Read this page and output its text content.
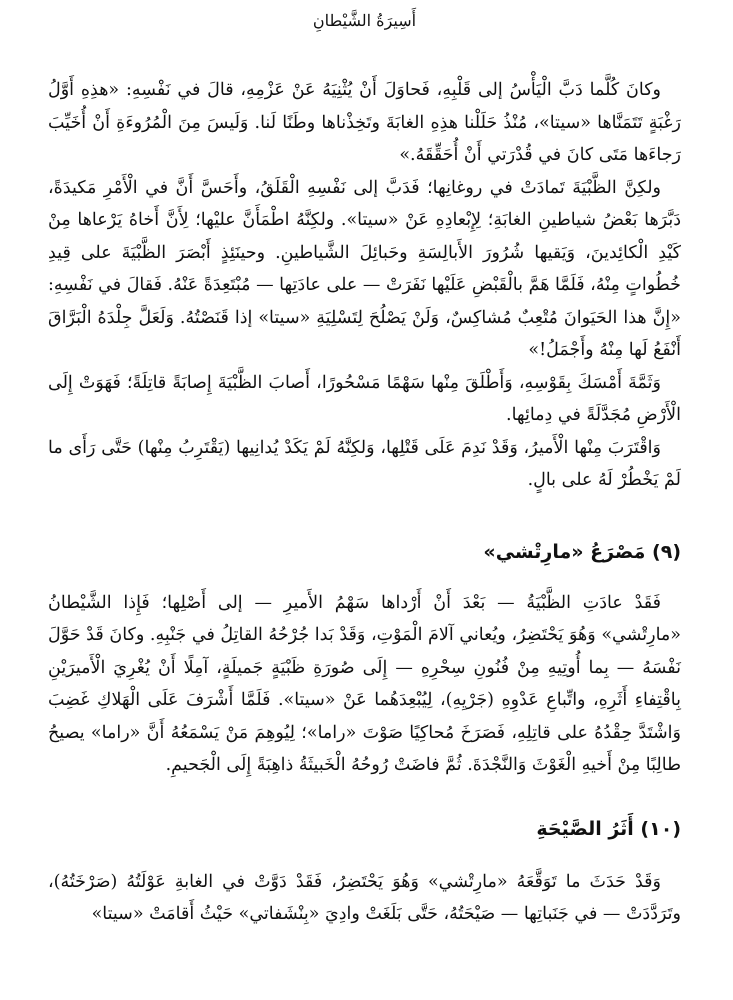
أَسِيرَةُ الشَّيْطانِ

وكانَ كُلَّما دَبَّ الْيَأْسُ إلى قَلْبِهِ، فَحاوَلَ أَنْ يُثْنِيَهُ عَنْ عَزْمِهِ، قالَ في نَفْسِهِ: «هذِهِ أَوَّلُ رَغْبَةٍ تَتَمَنَّاها «سيتا»، مُنْذُ حَلَلْنا هذِهِ الغابَةَ وتَخِذْناها وطَنًا لَنا. وَلَيسَ مِنَ الْمُرُوءَةِ أَنْ أُخَيِّبَ رَجاءَها مَتَى كانَ في قُدْرَتي أَنْ أُحَقِّقَهُ.»

ولكِنَّ الظَّبْيَةَ تَمادَتْ في روغانِها؛ فَدَبَّ إلى نَفْسِهِ الْقَلَقُ، وأَحَسَّ أَنَّ في الْأَمْرِ مَكيدَةً، دَبَّرَها بَعْضُ شياطينِ الغابَةِ؛ لِإِبْعادِهِ عَنْ «سيتا». ولكِنَّهُ اطْمَأَنَّ عليْها؛ لِأَنَّ أَخاهُ يَرْعاها مِنْ كَيْدِ الْكائِدينَ، وَيَقيها شُرُورَ الأَبالِسَةِ وحَبائِلَ الشَّياطينِ. وحينَئِذٍ أَبْصَرَ الظَّبْيَةَ على قِيدِ خُطُواتٍ مِنْهُ، فَلَمَّا هَمَّ بالْقَبْضِ عَلَيْها نَفَرَتْ — على عادَتِها — مُبْتَعِدَةً عَنْهُ. فَقالَ في نَفْسِهِ: «إِنَّ هذا الحَيَوانَ مُتْعِبٌ مُشاكِسٌ، وَلَنْ يَصْلُحَ لِتَسْلِيَةِ «سيتا» إذا قَنَصْتُهُ. وَلَعَلَّ جِلْدَهُ الْبَرَّاقَ أَنْفَعُ لَها مِنْهُ وأَجْمَلُ!»

وَثَمَّةَ أَمْسَكَ بِقَوْسِهِ، وَأَطْلَقَ مِنْها سَهْمًا مَسْحُورًا، أَصابَ الظَّبْيَةَ إِصابَةً قاتِلَةً؛ فَهَوَتْ إِلَى الْأَرْضِ مُجَدَّلَةً في دِمائِها.

وَاقْتَرَبَ مِنْها الْأَميرُ، وَقَدْ نَدِمَ عَلَى قَتْلِها، وَلكِنَّهُ لَمْ يَكَدْ يُدانِيها (يَقْتَرِبُ مِنْها) حَتَّى رَأَى ما لَمْ يَخْطُرْ لَهُ على بالٍ.

(٩) مَصْرَعُ «مارِتْشي»

فَقَدْ عادَتِ الظَّبْيَةُ — بَعْدَ أَنْ أَرْداها سَهْمُ الأَميرِ — إلى أَصْلِها؛ فَإِذا الشَّيْطانُ «مارِتْشي» وَهُوَ يَحْتَضِرُ، ويُعاني آلامَ الْمَوْتِ، وَقَدْ بَدا جُرْحُهُ القاتِلُ في جَنْبِهِ. وكانَ قَدْ حَوَّلَ نَفْسَهُ — بِما أُوتِيهِ مِنْ فُنُونِ سِحْرِهِ — إِلَى صُورَةِ ظَبْيَةٍ جَميلَةٍ، آمِلًا أَنْ يُغْرِيَ الْأَميرَيْنِ بِاقْتِفاءِ أَثَرِهِ، واتِّباعِ عَدْوِهِ (جَرْيِهِ)، لِيُبْعِدَهُما عَنْ «سيتا». فَلَمَّا أَشْرَفَ عَلَى الْهَلاكِ غَضِبَ وَاشْتَدَّ حِقْدُهُ على قاتِلِهِ، فَصَرَخَ مُحاكِيًا صَوْتَ «راما»؛ لِيُوهِمَ مَنْ يَسْمَعُهُ أَنَّ «راما» يصيحُ طالِبًا مِنْ أَخيهِ الْغَوْثَ وَالنَّجْدَةَ. ثُمَّ فاضَتْ رُوحُهُ الْخَبيثَةُ ذاهِبَةً إِلَى الْجَحيمِ.

(١٠) أَثَرُ الصَّيْحَةِ

وَقَدْ حَدَثَ ما تَوَقَّعَهُ «مارِتْشي» وَهُوَ يَحْتَضِرُ، فَقَدْ دَوَّتْ في الغابةِ عَوْلَتُهُ (صَرْخَتُهُ)، وتَرَدَّدَتْ — في جَنَباتِها — صَيْحَتُهُ، حَتَّى بَلَغَتْ وادِيَ «بِنْشَفاتي» حَيْثُ أَقامَتْ «سيتا»
